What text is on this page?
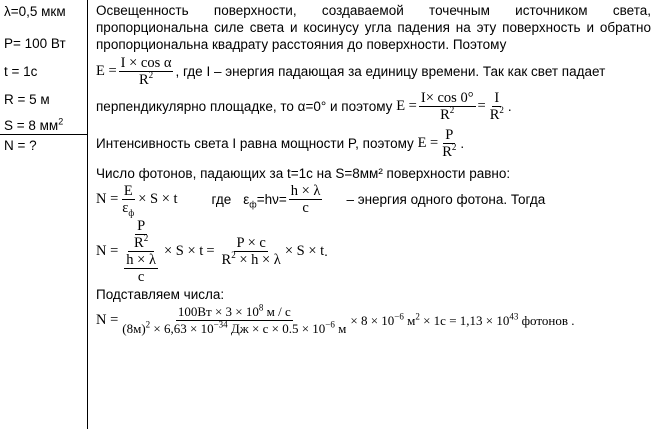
λ=0,5 мкм
P= 100 Вт
t = 1с
R = 5 м
S = 8 $мм^2$
N = ?

Освещенность поверхности, создаваемой точечным источником света, пропорциональна силе света и косинусу угла падения на эту поверхность и обратно пропорциональна квадрату расстояния до поверхности. Поэтому

$E = \frac{\text{I × cos α}}{R^2}$ , где I – энергия падающая за единицу времени. Так как свет падает
перпендикулярно площадке, то α=0° и поэтому
$E = \frac{I\times \cos 0^\circ}{R^2} = \frac{I}{R^2}$ .
Интенсивность света I равна мощности P, поэтому
$E = \frac{P}{R^2}$ .
Число фотонов, падающих за t=1с на S=8мм² поверхности равно:
$N = \frac{E}{\varepsilon_ф} \times S \times t$	где $\varepsilon_ф=h\nu= \frac{h \times \lambda}{c}$ – энергия одного фотона. Тогда
$N = \frac{\frac{P}{R^2}}{\frac{h \times \lambda}{c}} \times S \times t = \frac{P \times c}{R^2 \times h \times \lambda} \times S \times t$ .
Подставляем числа:
$N = \frac{100Вт \times 3 \times 10^8 м / с}{(8м)^2 \times 6,63 \times 10^{-34} Дж \times с \times 0.5 \times 10^{-6} м} \times 8 \times 10^{-6}$ $м^2 \times 1с = 1,13 \times 10^{43}$ фотонов .
